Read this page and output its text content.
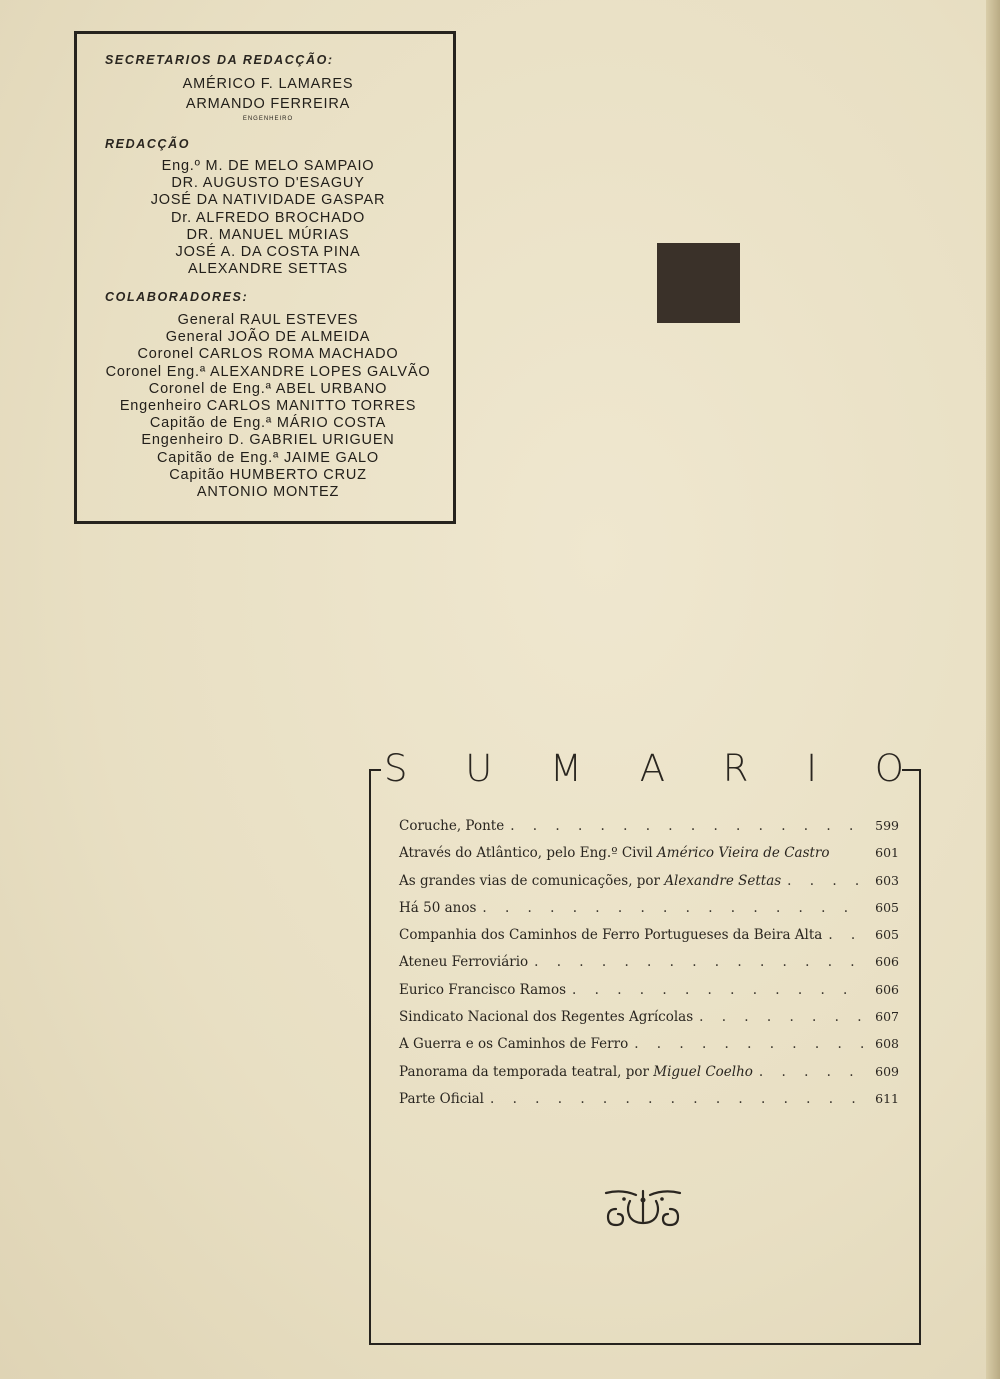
SECRETARIOS DA REDACÇÃO:
AMÉRICO F. LAMARES
ARMANDO FERREIRA
ENGENHEIRO
REDACÇÃO
Eng.º M. DE MELO SAMPAIO
DR. AUGUSTO D'ESAGUY
JOSÉ DA NATIVIDADE GASPAR
Dr. ALFREDO BROCHADO
DR. MANUEL MÚRIAS
JOSÉ A. DA COSTA PINA
ALEXANDRE SETTAS
COLABORADORES:
General RAUL ESTEVES
General JOÃO DE ALMEIDA
Coronel CARLOS ROMA MACHADO
Coronel Eng.ª ALEXANDRE LOPES GALVÃO
Coronel de Eng.ª ABEL URBANO
Engenheiro CARLOS MANITTO TORRES
Capitão de Eng.ª MÁRIO COSTA
Engenheiro D. GABRIEL URIGUEN
Capitão de Eng.ª JAIME GALO
Capitão HUMBERTO CRUZ
ANTONIO MONTEZ
S U M A R I O
Coruche, Ponte . . .	599
Através do Atlântico, pelo Eng.º Civil Américo Vieira de Castro	601
As grandes vias de comunicações, por Alexandre Settas . . .	603
Há 50 anos . . .	605
Companhia dos Caminhos de Ferro Portugueses da Beira Alta . . .	605
Ateneu Ferroviário . . .	606
Eurico Francisco Ramos . . .	606
Sindicato Nacional dos Regentes Agrícolas . . .	607
A Guerra e os Caminhos de Ferro . . .	608
Panorama da temporada teatral, por Miguel Coelho . . .	609
Parte Oficial . . .	611
